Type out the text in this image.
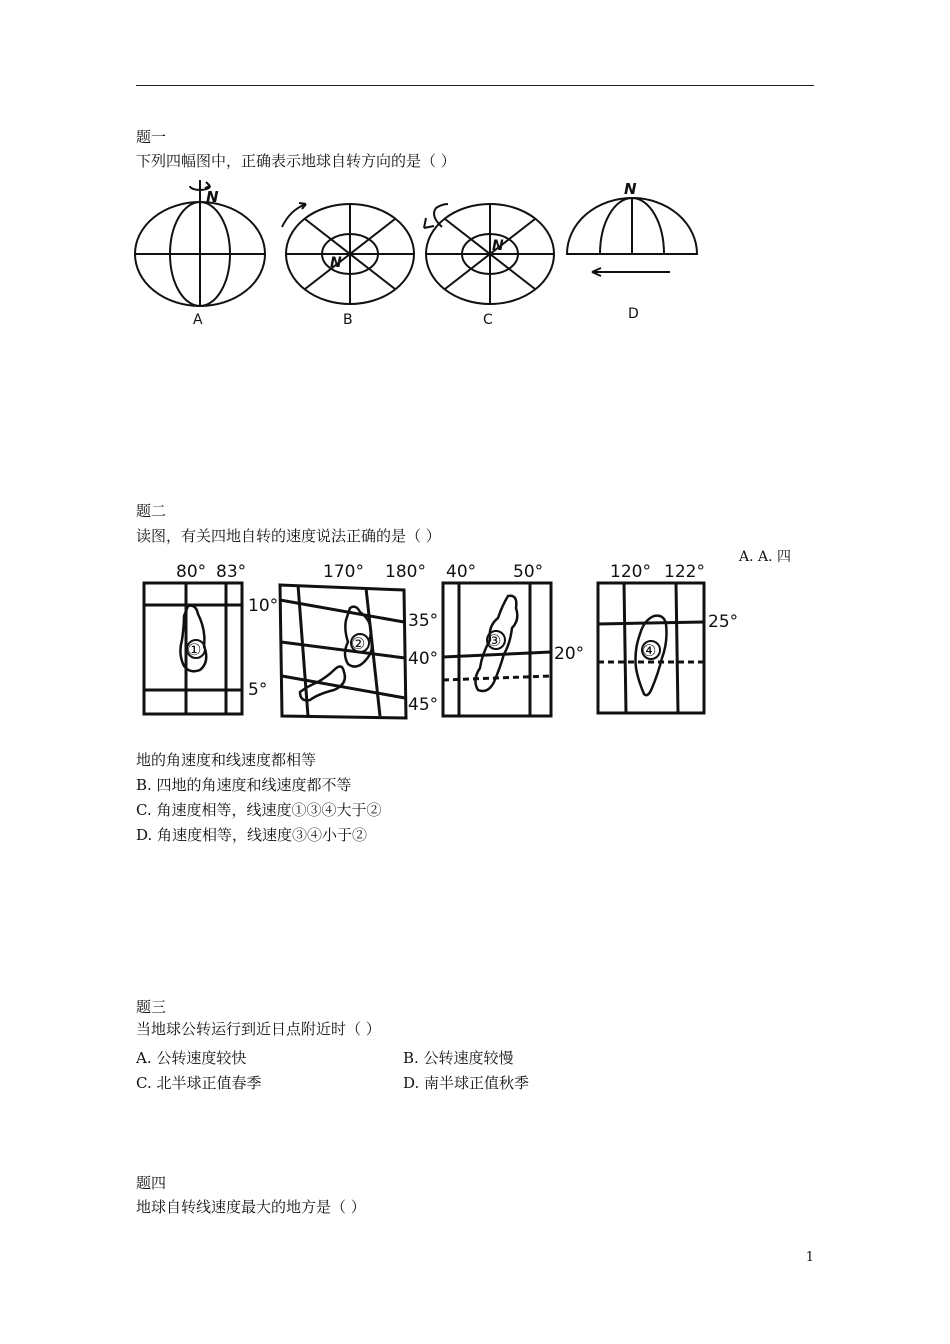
题一
下列四幅图中，正确表示地球自转方向的是（ ）
N
A
N
B
N
C
N
D
题二
读图，有关四地自转的速度说法正确的是（ ）
A. A. 四
80° 83°
10°
5°
①
170° 180°
35°
40°
45°
②
40° 50°
20°
③
120° 122°
25°
④
地的角速度和线速度都相等
B. 四地的角速度和线速度都不等
C. 角速度相等，线速度①③④大于②
D. 角速度相等，线速度③④小于②
题三
当地球公转运行到近日点附近时（ ）
A. 公转速度较快	B. 公转速度较慢
C. 北半球正值春季	D. 南半球正值秋季
题四
地球自转线速度最大的地方是（ ）
1
